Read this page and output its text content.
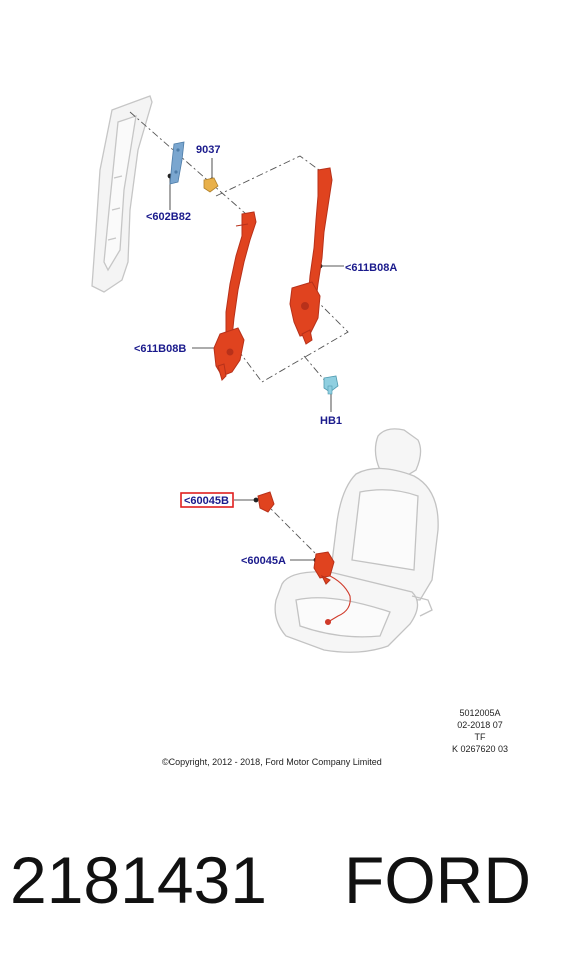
9037
<602B82
<611B08A
<611B08B
HB1
<60045B
<60045A
5012005A
02-2018 07
TF
K 0267620 03
©Copyright, 2012 - 2018, Ford Motor Company Limited
2181431 FORD
